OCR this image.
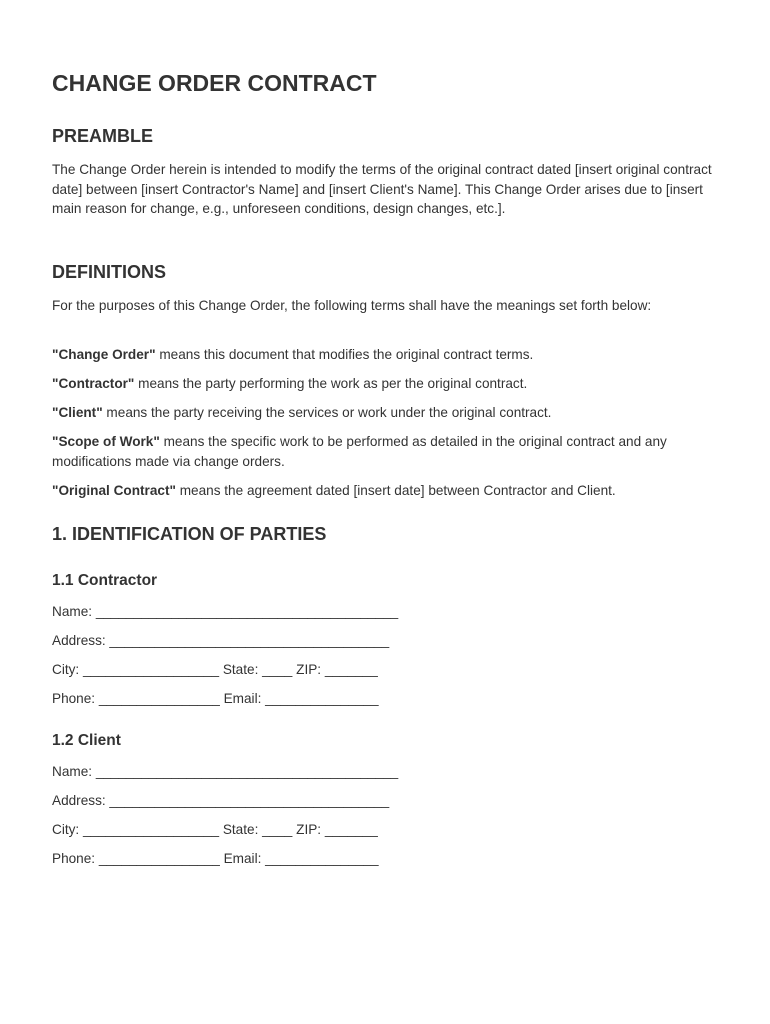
CHANGE ORDER CONTRACT
PREAMBLE

The Change Order herein is intended to modify the terms of the original contract dated [insert original contract date] between [insert Contractor's Name] and [insert Client's Name]. This Change Order arises due to [insert main reason for change, e.g., unforeseen conditions, design changes, etc.].

DEFINITIONS

For the purposes of this Change Order, the following terms shall have the meanings set forth below:

"Change Order" means this document that modifies the original contract terms.

"Contractor" means the party performing the work as per the original contract.

"Client" means the party receiving the services or work under the original contract.

"Scope of Work" means the specific work to be performed as detailed in the original contract and any modifications made via change orders.

"Original Contract" means the agreement dated [insert date] between Contractor and Client.

1. IDENTIFICATION OF PARTIES
1.1 Contractor

Name: ________________________________________

Address: _____________________________________

City: __________________ State: ____ ZIP: _______

Phone: ________________ Email: _______________

1.2 Client

Name: ________________________________________

Address: _____________________________________

City: __________________ State: ____ ZIP: _______

Phone: ________________ Email: _______________
